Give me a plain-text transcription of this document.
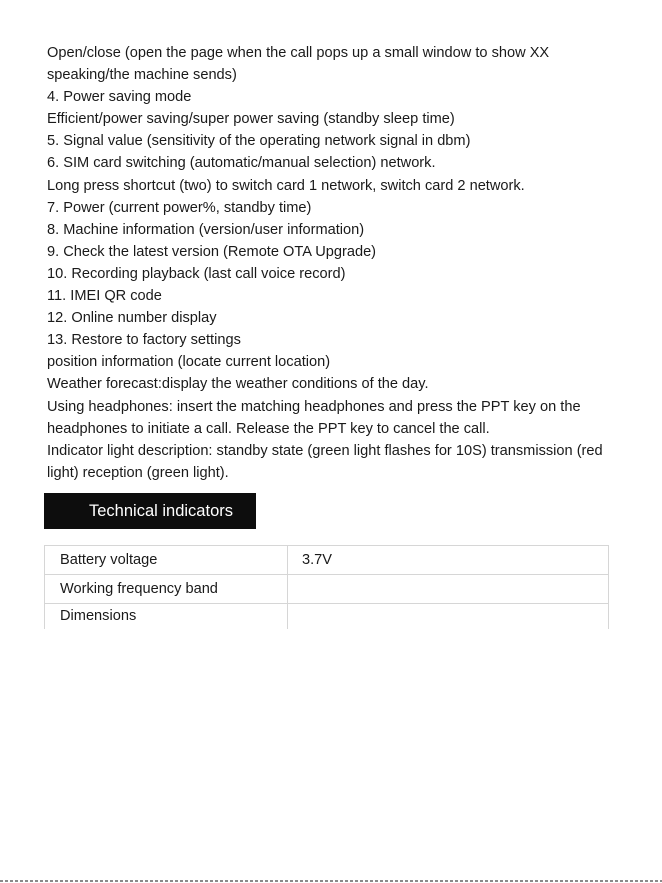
Open/close (open the page when the call pops up a small window to show XX speaking/the machine sends)

4. Power saving mode

Efficient/power saving/super power saving (standby sleep time)

5. Signal value (sensitivity of the operating network signal in dbm)

6. SIM card switching (automatic/manual selection) network.

Long press shortcut (two) to switch card 1 network, switch card 2 network.

7. Power (current power%, standby time)

8. Machine information (version/user information)

9. Check the latest version (Remote OTA Upgrade)

10. Recording playback (last call voice record)

11. IMEI QR code

12. Online number display

13. Restore to factory settings

position information (locate current location)

Weather forecast:display the weather conditions of the day.

Using headphones: insert the matching headphones and press the PPT key on the headphones to initiate a call. Release the PPT key to cancel the call.

Indicator light description: standby state (green light flashes for 10S) transmission (red light) reception (green light).

Technical indicators
Battery voltage	3.7V
Working frequency band	
Dimensions	
